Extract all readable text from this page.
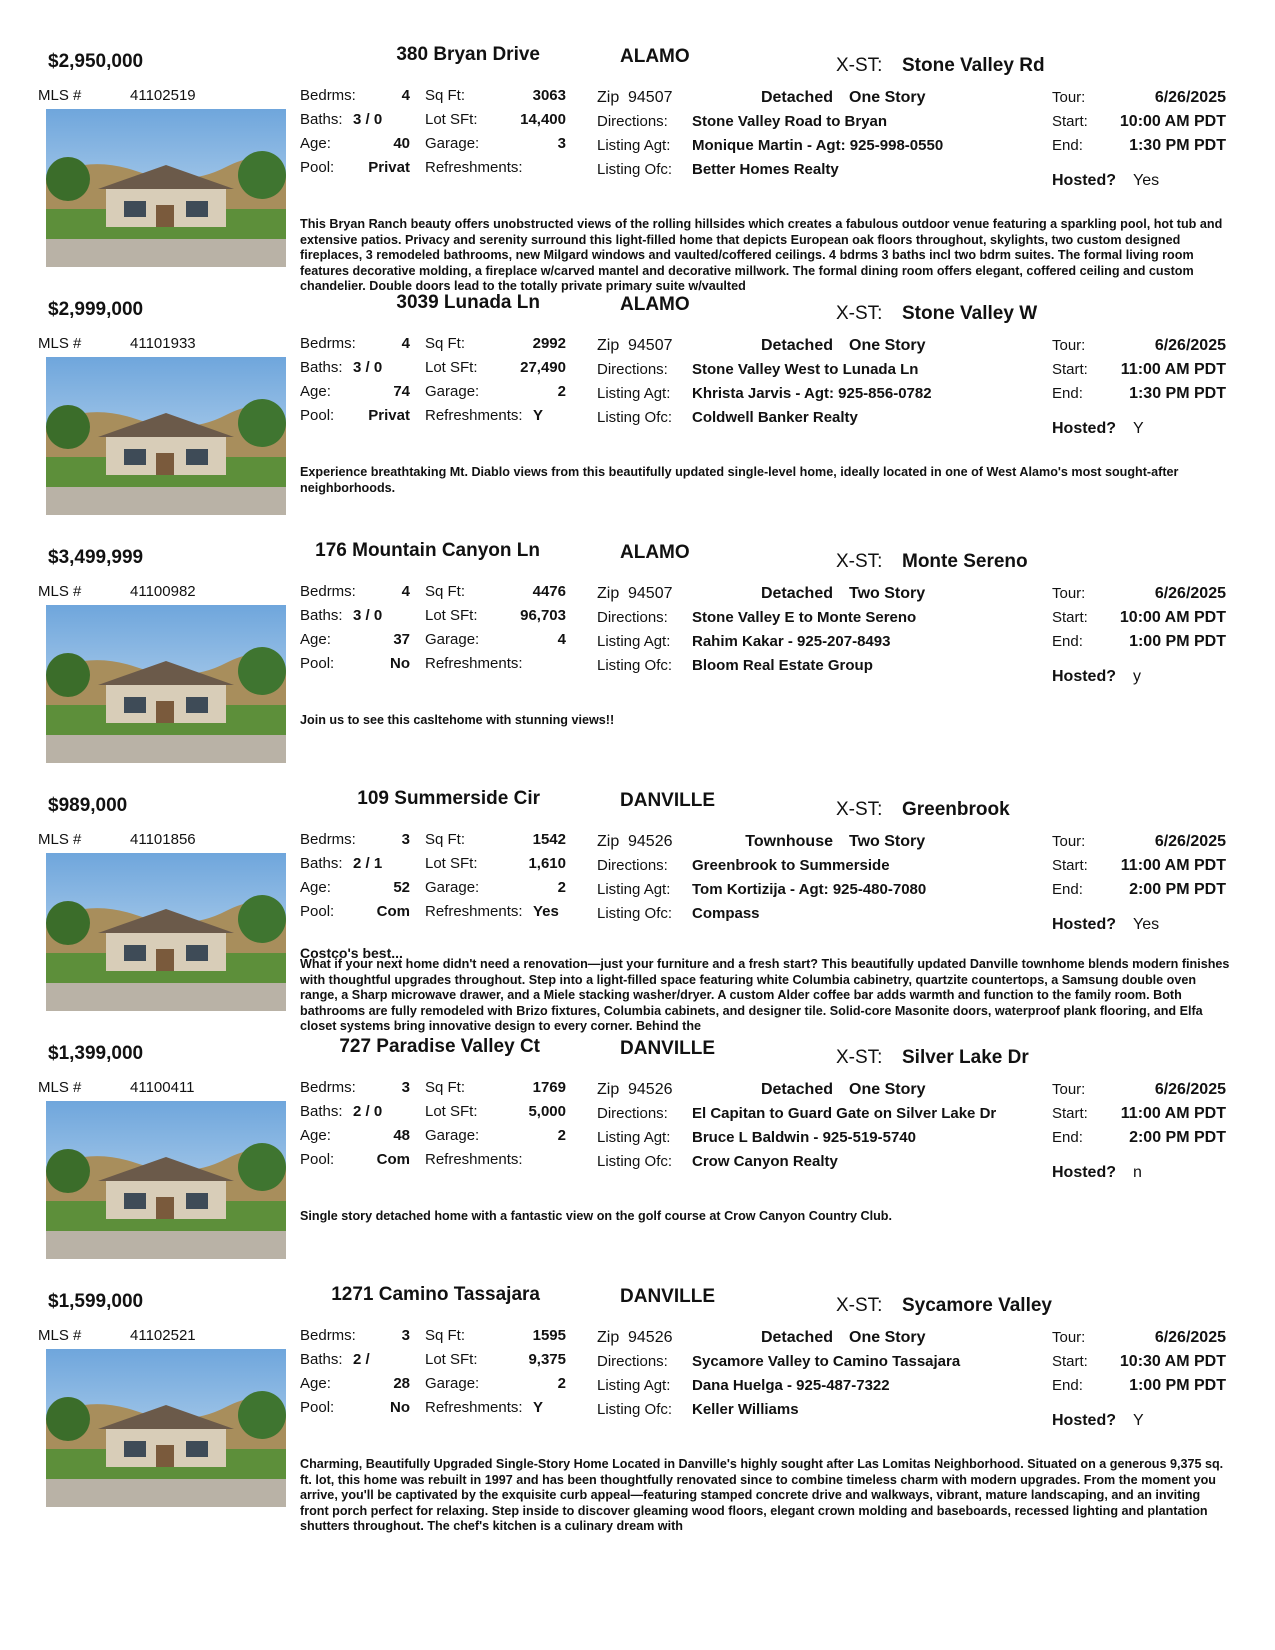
$2,950,000	380 Bryan Drive	ALAMO	X-ST: Stone Valley Rd
MLS #	41102519	Bedrms:	4 Sq Ft:	3063
Baths: 3 / 0	Lot SFt:	14,400
Age:	40 Garage:	3
Pool:	Privat Refreshments:
Zip 94507	Detached One Story
Directions: Stone Valley Road to Bryan
Listing Agt: Monique Martin - Agt: 925-998-0550
Listing Ofc: Better Homes Realty
Tour:	6/26/2025
Start:	10:00 AM PDT
End:	1:30 PM PDT
Hosted? Yes
This Bryan Ranch beauty offers unobstructed views of the rolling hillsides which creates a fabulous outdoor venue featuring a sparkling pool, hot tub and extensive patios. Privacy and serenity surround this light-filled home that depicts European oak floors throughout, skylights, two custom designed fireplaces, 3 remodeled bathrooms, new Milgard windows and vaulted/coffered ceilings. 4 bdrms 3 baths incl two bdrm suites. The formal living room features decorative molding, a fireplace w/carved mantel and decorative millwork. The formal dining room offers elegant, coffered ceiling and custom chandelier. Double doors lead to the totally private primary suite w/vaulted
$2,999,000	3039 Lunada Ln	ALAMO	X-ST: Stone Valley W
MLS #	41101933	Bedrms:	4 Sq Ft:	2992
Baths: 3 / 0	Lot SFt:	27,490
Age:	74 Garage:	2
Pool:	Privat Refreshments: Y
Zip 94507	Detached One Story
Directions: Stone Valley West to Lunada Ln
Listing Agt: Khrista Jarvis - Agt: 925-856-0782
Listing Ofc: Coldwell Banker Realty
Tour:	6/26/2025
Start:	11:00 AM PDT
End:	1:30 PM PDT
Hosted? Y
Experience breathtaking Mt. Diablo views from this beautifully updated single-level home, ideally located in one of West Alamo's most sought-after neighborhoods.
$3,499,999	176 Mountain Canyon Ln	ALAMO	X-ST: Monte Sereno
MLS #	41100982	Bedrms:	4 Sq Ft:	4476
Baths: 3 / 0	Lot SFt:	96,703
Age:	37 Garage:	4
Pool:	No Refreshments:
Zip 94507	Detached Two Story
Directions: Stone Valley E to Monte Sereno
Listing Agt: Rahim Kakar - 925-207-8493
Listing Ofc: Bloom Real Estate Group
Tour:	6/26/2025
Start:	10:00 AM PDT
End:	1:00 PM PDT
Hosted? y
Join us to see this casltehome with stunning views!!
$989,000	109 Summerside Cir	DANVILLE	X-ST: Greenbrook
MLS #	41101856	Bedrms:	3 Sq Ft:	1542
Baths: 2 / 1	Lot SFt:	1,610
Age:	52 Garage:	2
Pool:	Com Refreshments: Yes
Zip 94526	Townhouse Two Story
Directions: Greenbrook to Summerside
Listing Agt: Tom Kortizija - Agt: 925-480-7080
Listing Ofc: Compass
Tour:	6/26/2025
Start:	11:00 AM PDT
End:	2:00 PM PDT
Hosted? Yes
Costco's best...
What if your next home didn't need a renovation—just your furniture and a fresh start? This beautifully updated Danville townhome blends modern finishes with thoughtful upgrades throughout. Step into a light-filled space featuring white Columbia cabinetry, quartzite countertops, a Samsung double oven range, a Sharp microwave drawer, and a Miele stacking washer/dryer. A custom Alder coffee bar adds warmth and function to the family room. Both bathrooms are fully remodeled with Brizo fixtures, Columbia cabinets, and designer tile. Solid-core Masonite doors, waterproof plank flooring, and Elfa closet systems bring innovative design to every corner. Behind the
$1,399,000	727 Paradise Valley Ct	DANVILLE	X-ST: Silver Lake Dr
MLS #	41100411	Bedrms:	3 Sq Ft:	1769
Baths: 2 / 0	Lot SFt:	5,000
Age:	48 Garage:	2
Pool:	Com Refreshments:
Zip 94526	Detached One Story
Directions: El Capitan to Guard Gate on Silver Lake Dr
Listing Agt: Bruce L Baldwin - 925-519-5740
Listing Ofc: Crow Canyon Realty
Tour:	6/26/2025
Start:	11:00 AM PDT
End:	2:00 PM PDT
Hosted? n
Single story detached home with a fantastic view on the golf course at Crow Canyon Country Club.
$1,599,000	1271 Camino Tassajara	DANVILLE	X-ST: Sycamore Valley
MLS #	41102521	Bedrms:	3 Sq Ft:	1595
Baths: 2 /	Lot SFt:	9,375
Age:	28 Garage:	2
Pool:	No Refreshments: Y
Zip 94526	Detached One Story
Directions: Sycamore Valley to Camino Tassajara
Listing Agt: Dana Huelga - 925-487-7322
Listing Ofc: Keller Williams
Tour:	6/26/2025
Start:	10:30 AM PDT
End:	1:00 PM PDT
Hosted? Y
Charming, Beautifully Upgraded Single-Story Home Located in Danville's highly sought after Las Lomitas Neighborhood. Situated on a generous 9,375 sq. ft. lot, this home was rebuilt in 1997 and has been thoughtfully renovated since to combine timeless charm with modern upgrades. From the moment you arrive, you'll be captivated by the exquisite curb appeal—featuring stamped concrete drive and walkways, vibrant, mature landscaping, and an inviting front porch perfect for relaxing. Step inside to discover gleaming wood floors, elegant crown molding and baseboards, recessed lighting and plantation shutters throughout. The chef's kitchen is a culinary dream with
